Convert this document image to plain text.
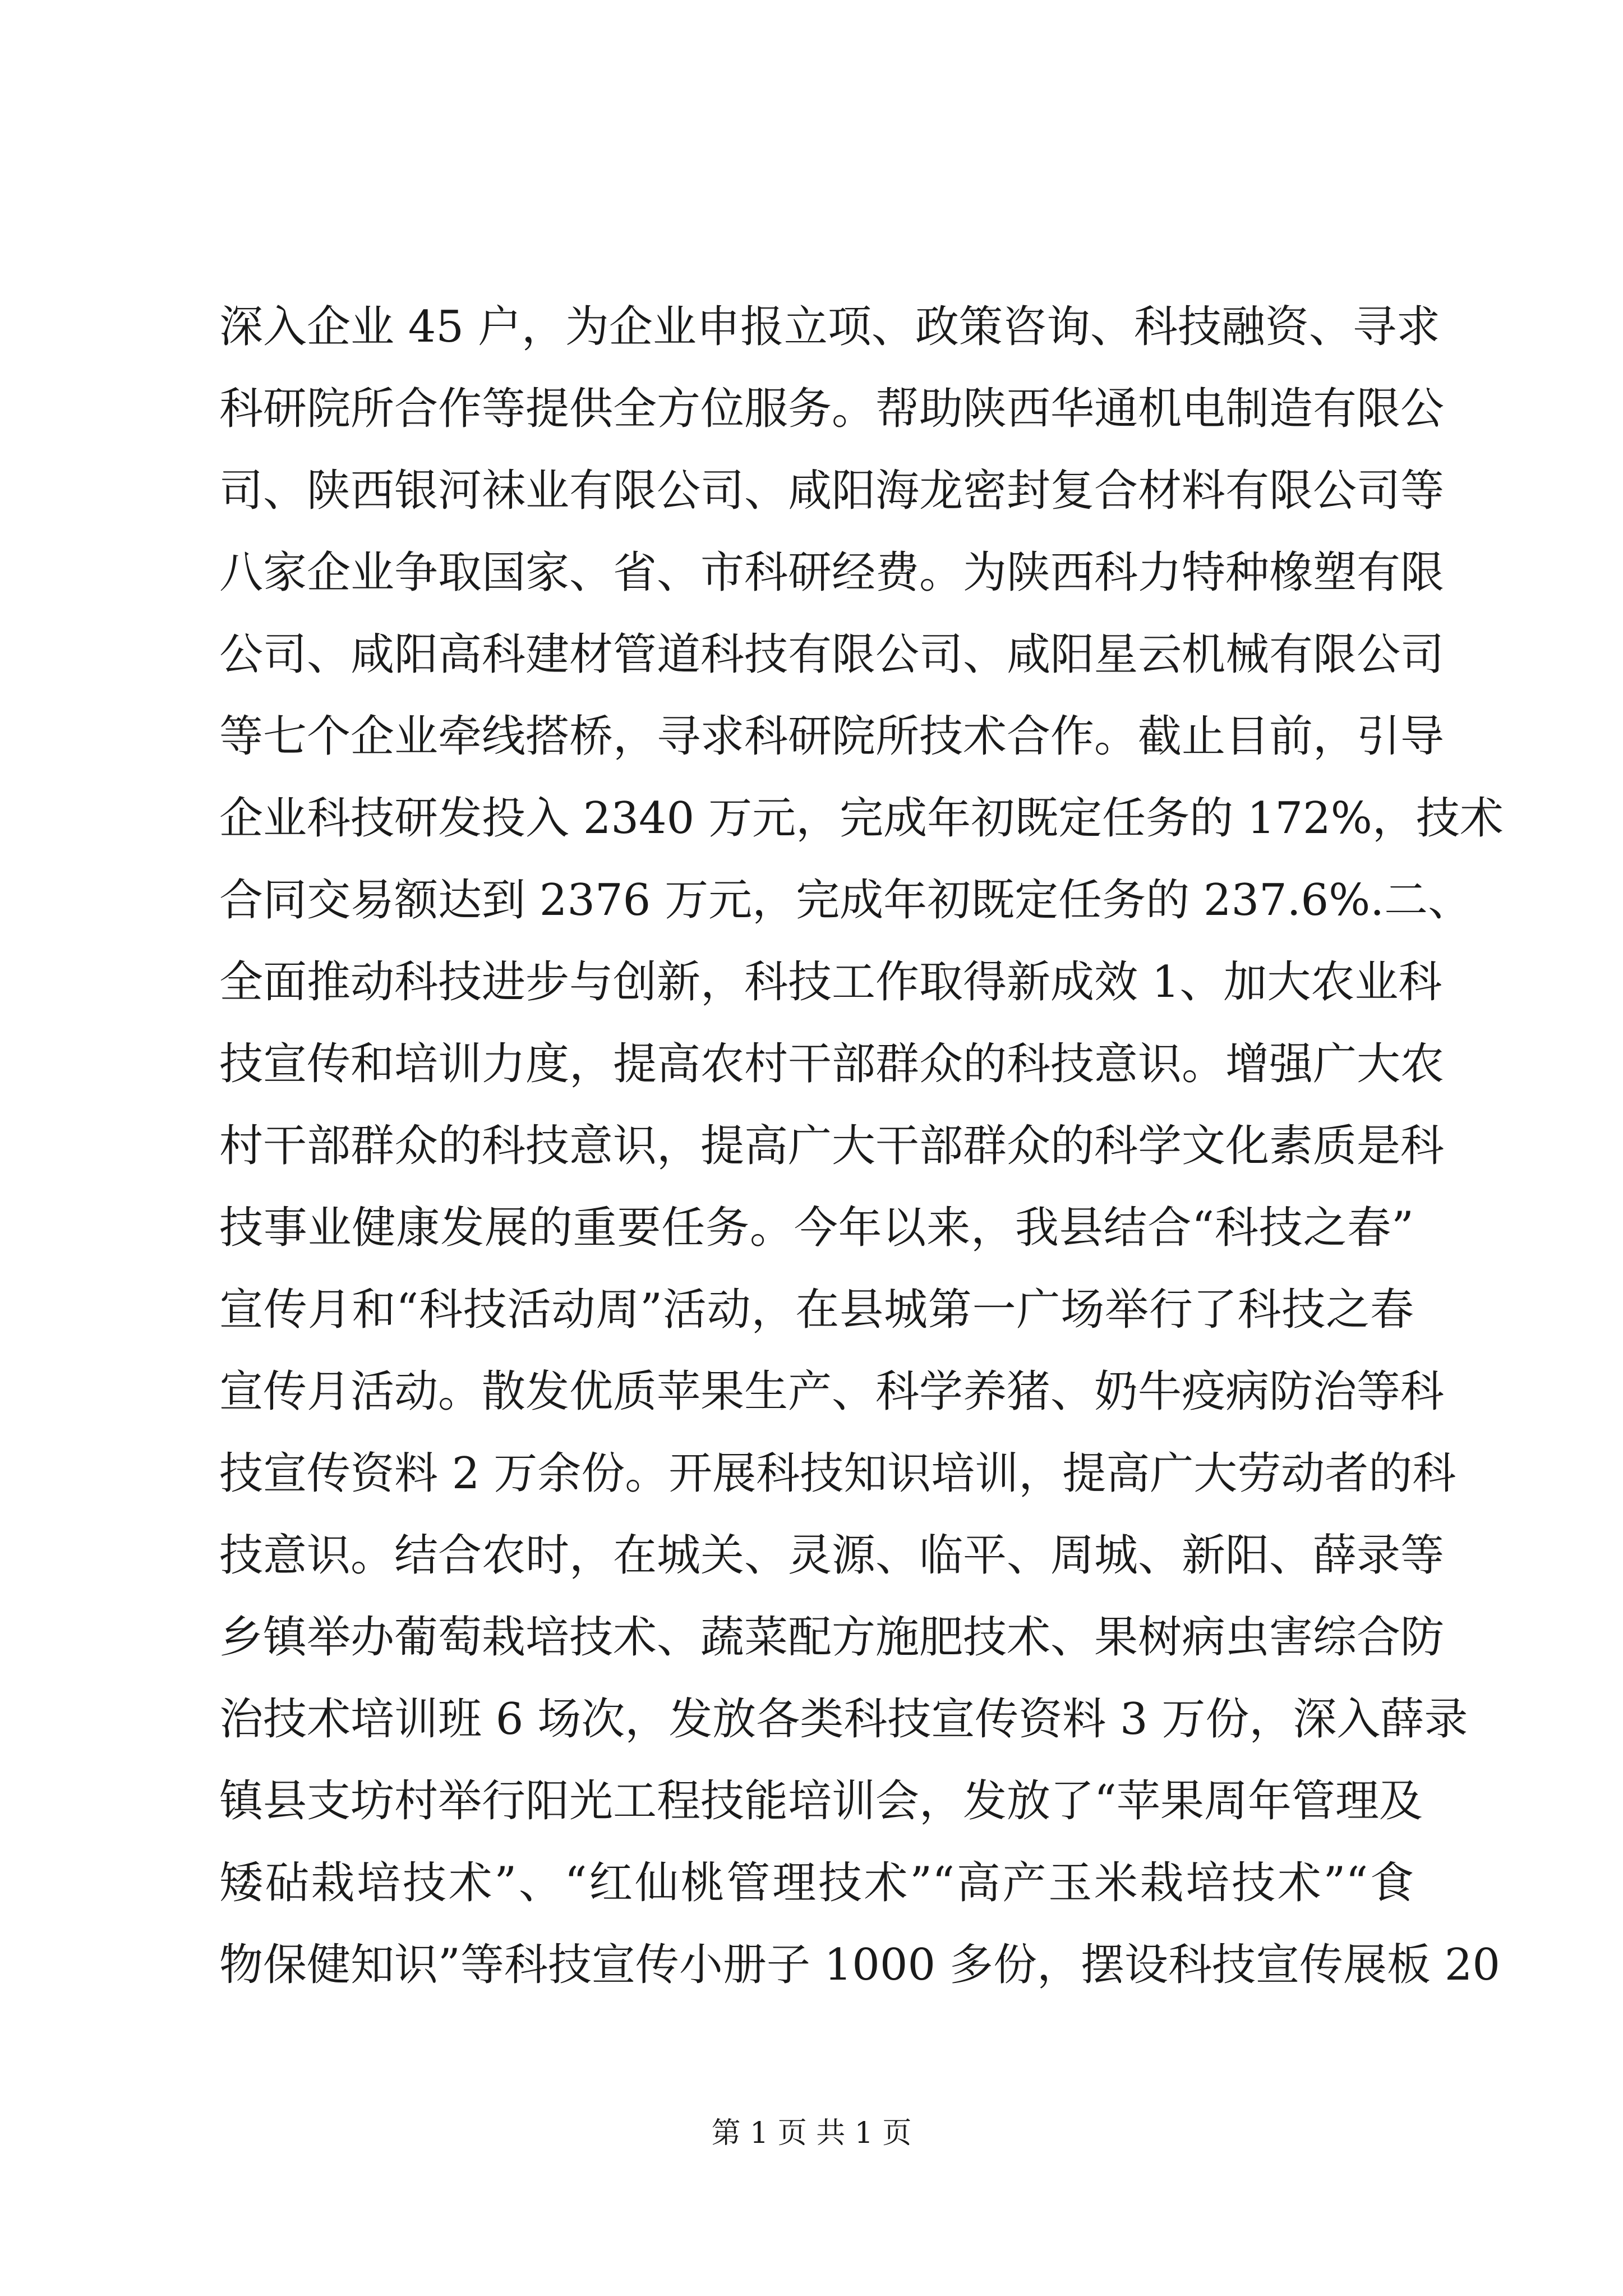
深入企业 45 户，为企业申报立项、政策咨询、科技融资、寻求
科研院所合作等提供全方位服务。帮助陕西华通机电制造有限公
司、陕西银河袜业有限公司、咸阳海龙密封复合材料有限公司等
八家企业争取国家、省、市科研经费。为陕西科力特种橡塑有限
公司、咸阳高科建材管道科技有限公司、咸阳星云机械有限公司
等七个企业牵线搭桥，寻求科研院所技术合作。截止目前，引导
企业科技研发投入 2340 万元，完成年初既定任务的 172%，技术
合同交易额达到 2376 万元，完成年初既定任务的 237.6%.二、
全面推动科技进步与创新，科技工作取得新成效 1、加大农业科
技宣传和培训力度，提高农村干部群众的科技意识。增强广大农
村干部群众的科技意识，提高广大干部群众的科学文化素质是科
技事业健康发展的重要任务。今年以来，我县结合“科技之春”
宣传月和“科技活动周”活动，在县城第一广场举行了科技之春
宣传月活动。散发优质苹果生产、科学养猪、奶牛疫病防治等科
技宣传资料 2 万余份。开展科技知识培训，提高广大劳动者的科
技意识。结合农时，在城关、灵源、临平、周城、新阳、薛录等
乡镇举办葡萄栽培技术、蔬菜配方施肥技术、果树病虫害综合防
治技术培训班 6 场次，发放各类科技宣传资料 3 万份，深入薛录
镇县支坊村举行阳光工程技能培训会，发放了“苹果周年管理及
矮砧栽培技术”、“红仙桃管理技术”“高产玉米栽培技术”“食
物保健知识”等科技宣传小册子 1000 多份，摆设科技宣传展板 20
第 1 页 共 1 页
